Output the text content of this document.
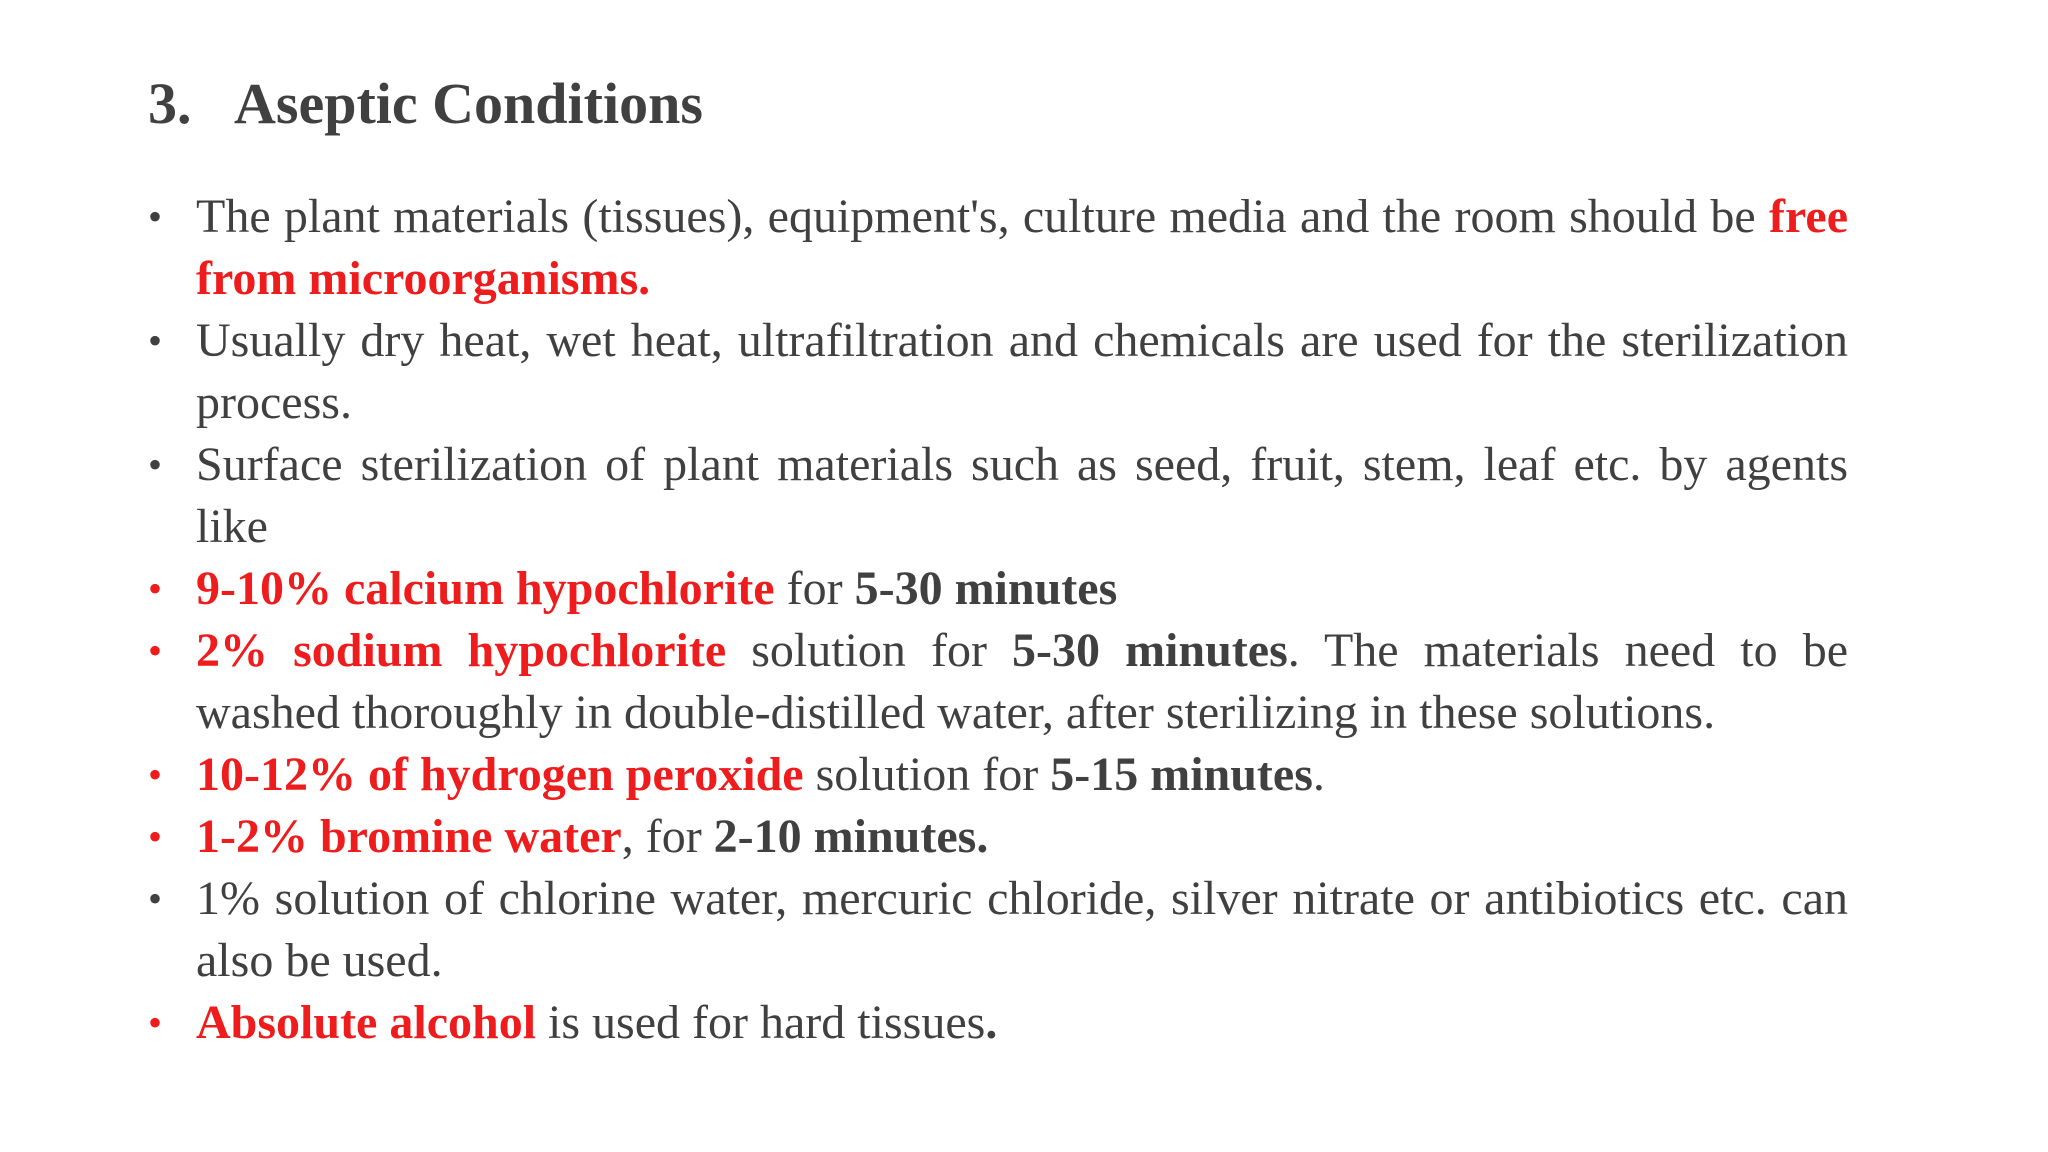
3. Aseptic Conditions
• The plant materials (tissues), equipment's, culture media and the room should be free from microorganisms.
• Usually dry heat, wet heat, ultrafiltration and chemicals are used for the sterilization process.
• Surface sterilization of plant materials such as seed, fruit, stem, leaf etc. by agents like
• 9-10% calcium hypochlorite for 5-30 minutes
• 2% sodium hypochlorite solution for 5-30 minutes. The materials need to be washed thoroughly in double-distilled water, after sterilizing in these solutions.
• 10-12% of hydrogen peroxide solution for 5-15 minutes.
• 1-2% bromine water, for 2-10 minutes.
• 1% solution of chlorine water, mercuric chloride, silver nitrate or antibiotics etc. can also be used.
• Absolute alcohol is used for hard tissues.
